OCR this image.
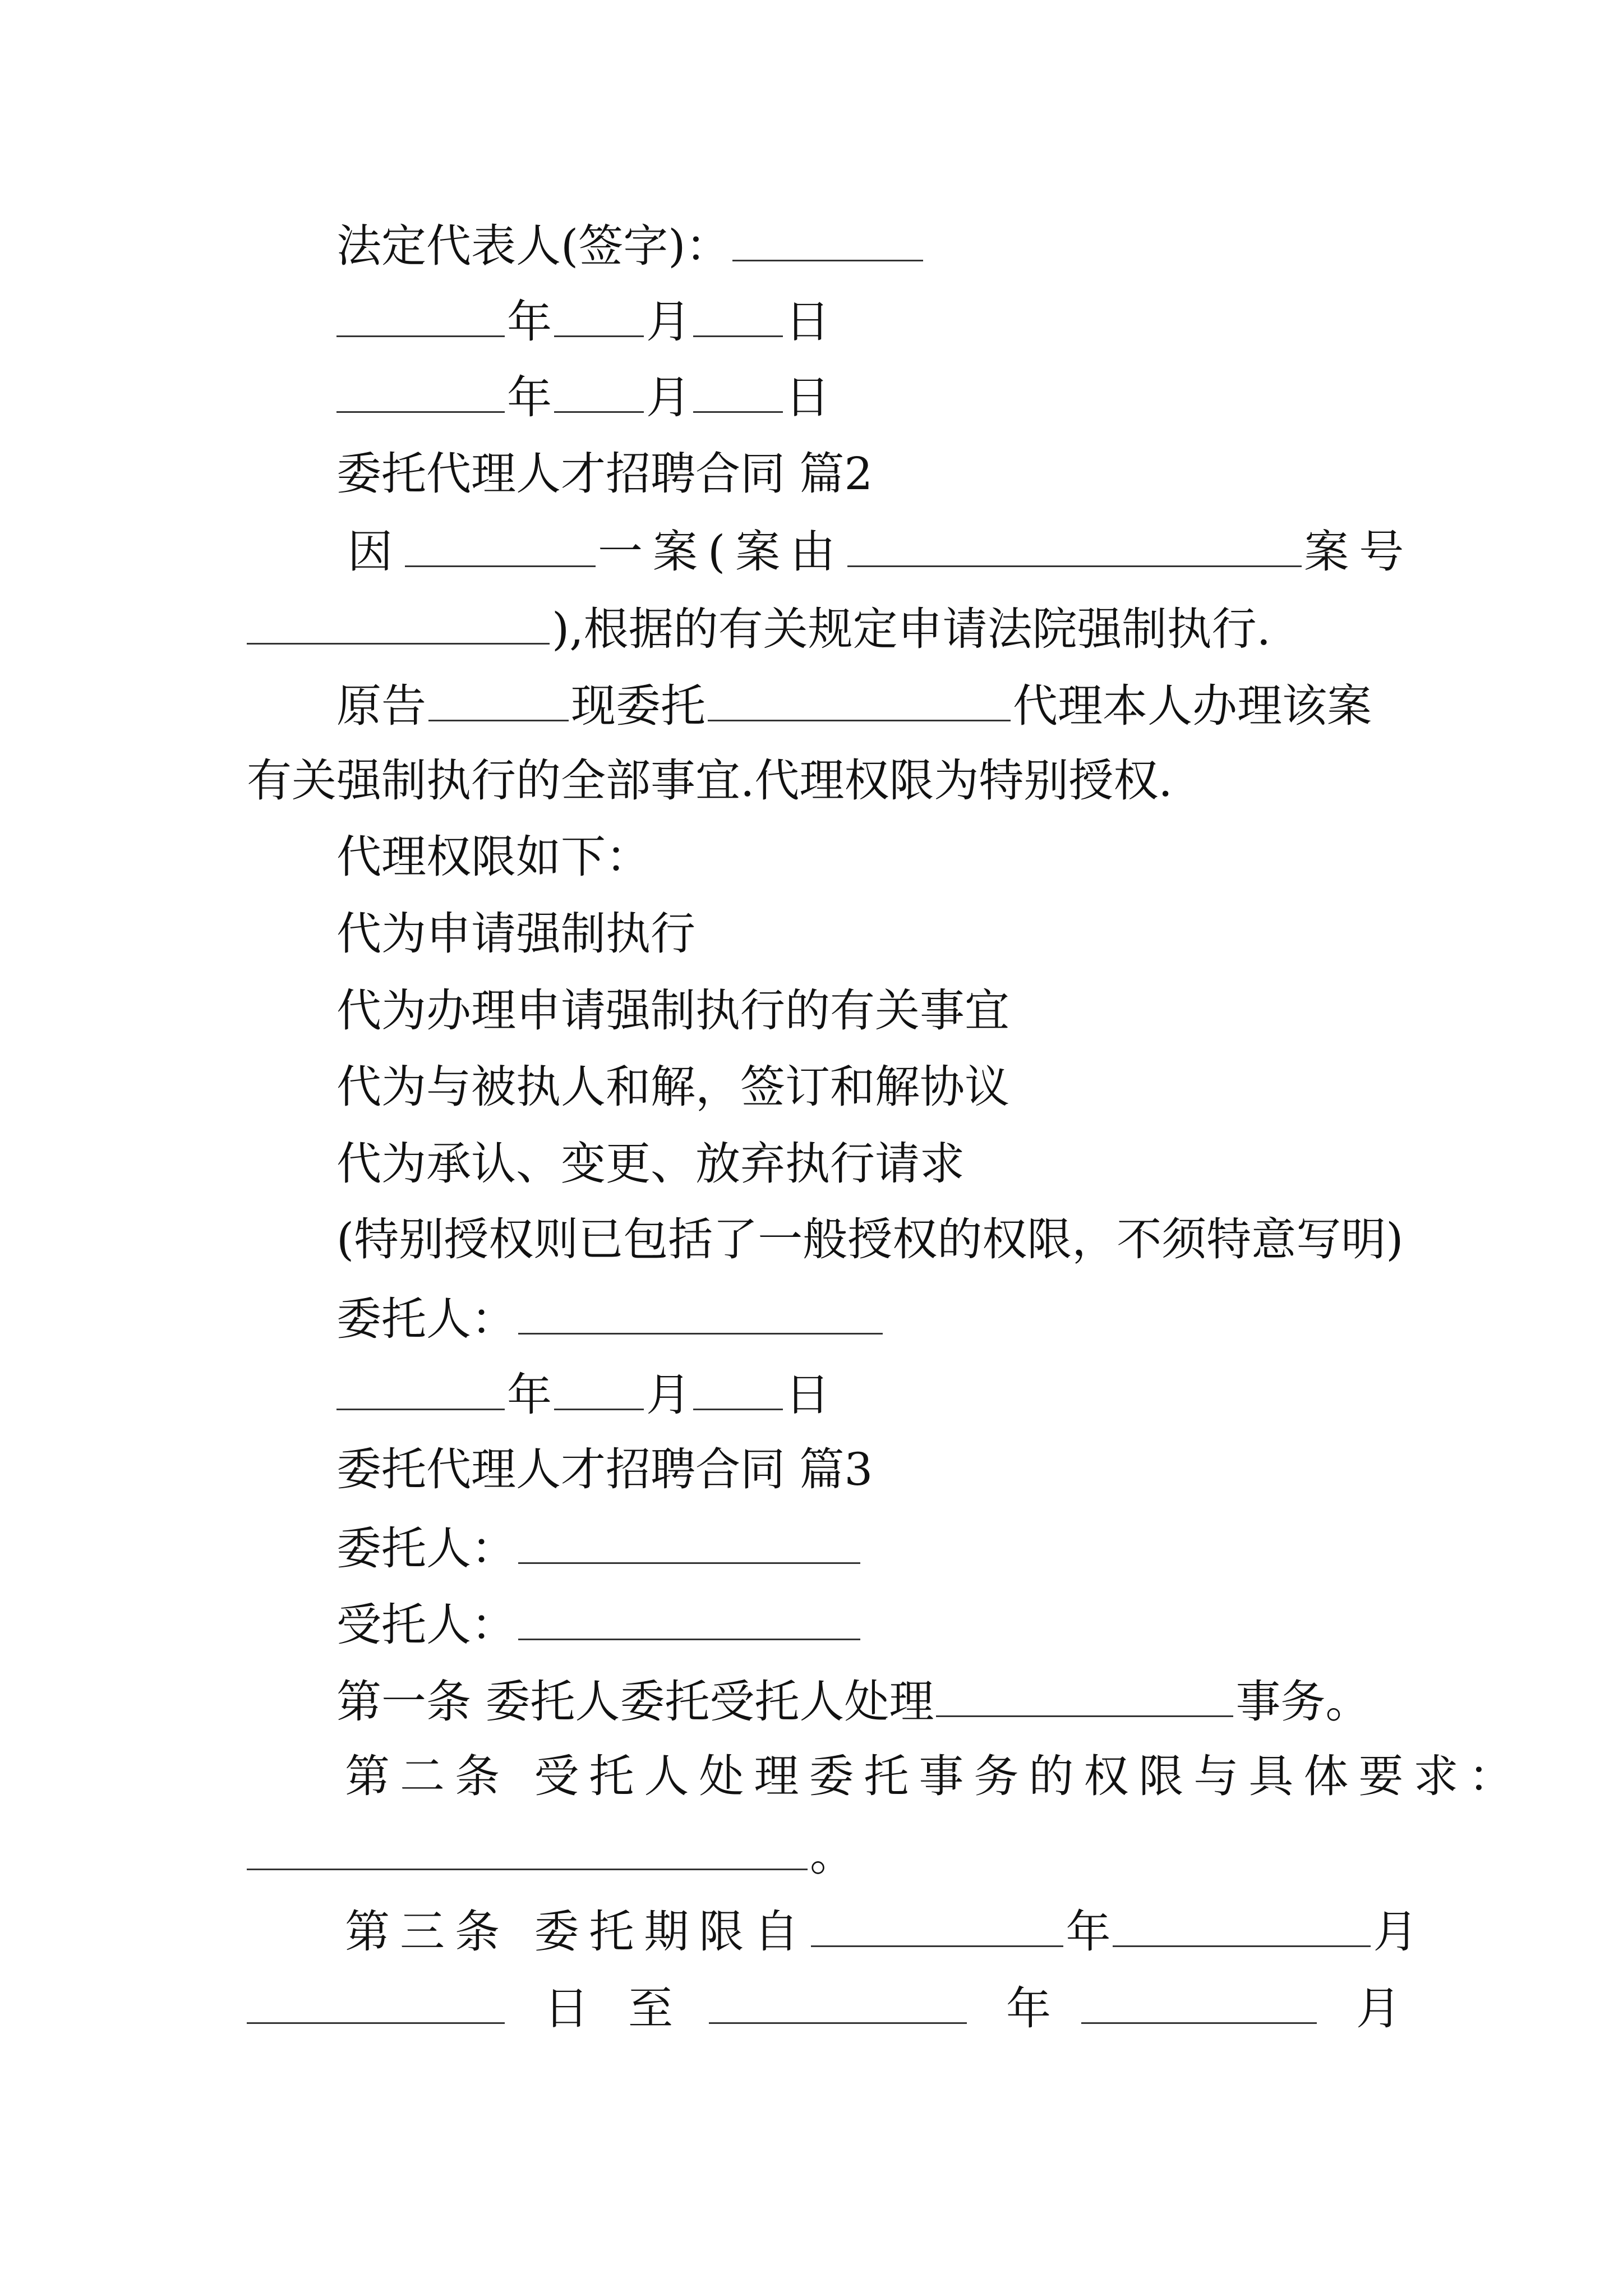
法定代表人(签字)：
年 月 日
年 月 日
委托代理人才招聘合同 篇2
因	一案(案由	案号
),根据的有关规定申请法院强制执行.
原告	现委托	代理本人办理该案
有关强制执行的全部事宜.代理权限为特别授权.
代理权限如下：
代为申请强制执行
代为办理申请强制执行的有关事宜
代为与被执人和解，签订和解协议
代为承认、变更、放弃执行请求
(特别授权则已包括了一般授权的权限，不须特意写明)
委托人：
年 月 日
委托代理人才招聘合同 篇3
委托人：
受托人：
第一条 委托人委托受托人处理	事务。
第二条 受托人处理委托事务的权限与具体要求：
。
第三条 委托期限自	年	月
日 至	年	月
